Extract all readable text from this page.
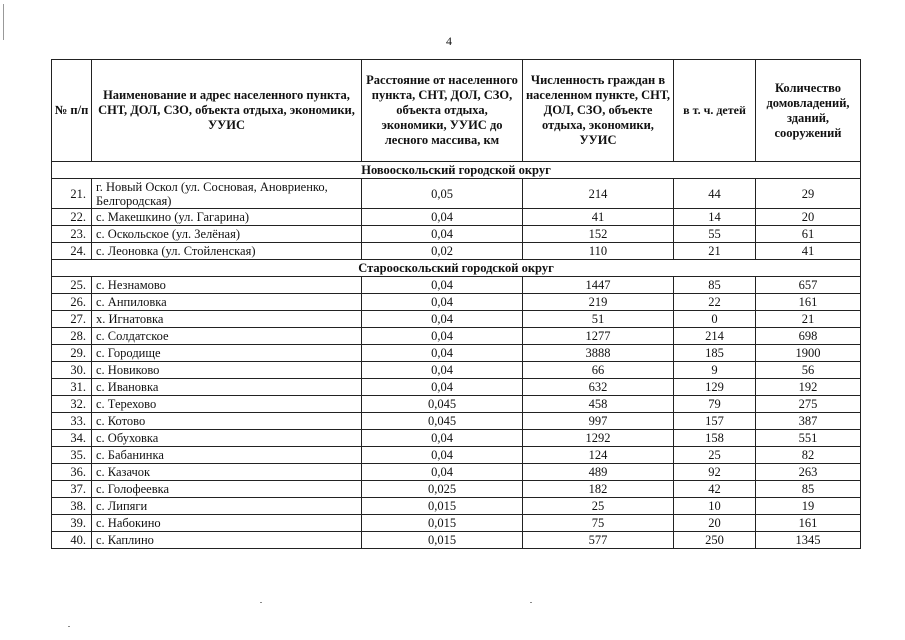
4
№ п/п	Наименование и адрес населенного пункта, СНТ, ДОЛ, СЗО, объекта отдыха, экономики, УУИС	Расстояние от населенного пункта, СНТ, ДОЛ, СЗО, объекта отдыха, экономики, УУИС до лесного массива, км	Численность граждан в населенном пункте, СНТ, ДОЛ, СЗО, объекте отдыха, экономики, УУИС	в т. ч. детей	Количество домовладений, зданий, сооружений
Новооскольский городской округ					
21.	г. Новый Оскол (ул. Сосновая, Ановриенко, Белгородская)	0,05	214	44	29
22.	с. Макешкино (ул. Гагарина)	0,04	41	14	20
23.	с. Оскольское (ул. Зелёная)	0,04	152	55	61
24.	с. Леоновка (ул. Стойленская)	0,02	110	21	41
Старооскольский городской округ					
25.	с. Незнамово	0,04	1447	85	657
26.	с. Анпиловка	0,04	219	22	161
27.	х. Игнатовка	0,04	51	0	21
28.	с. Солдатское	0,04	1277	214	698
29.	с. Городище	0,04	3888	185	1900
30.	с. Новиково	0,04	66	9	56
31.	с. Ивановка	0,04	632	129	192
32.	с. Терехово	0,045	458	79	275
33.	с. Котово	0,045	997	157	387
34.	с. Обуховка	0,04	1292	158	551
35.	с. Бабанинка	0,04	124	25	82
36.	с. Казачок	0,04	489	92	263
37.	с. Голофеевка	0,025	182	42	85
38.	с. Липяги	0,015	25	10	19
39.	с. Набокино	0,015	75	20	161
40.	с. Каплино	0,015	577	250	1345
